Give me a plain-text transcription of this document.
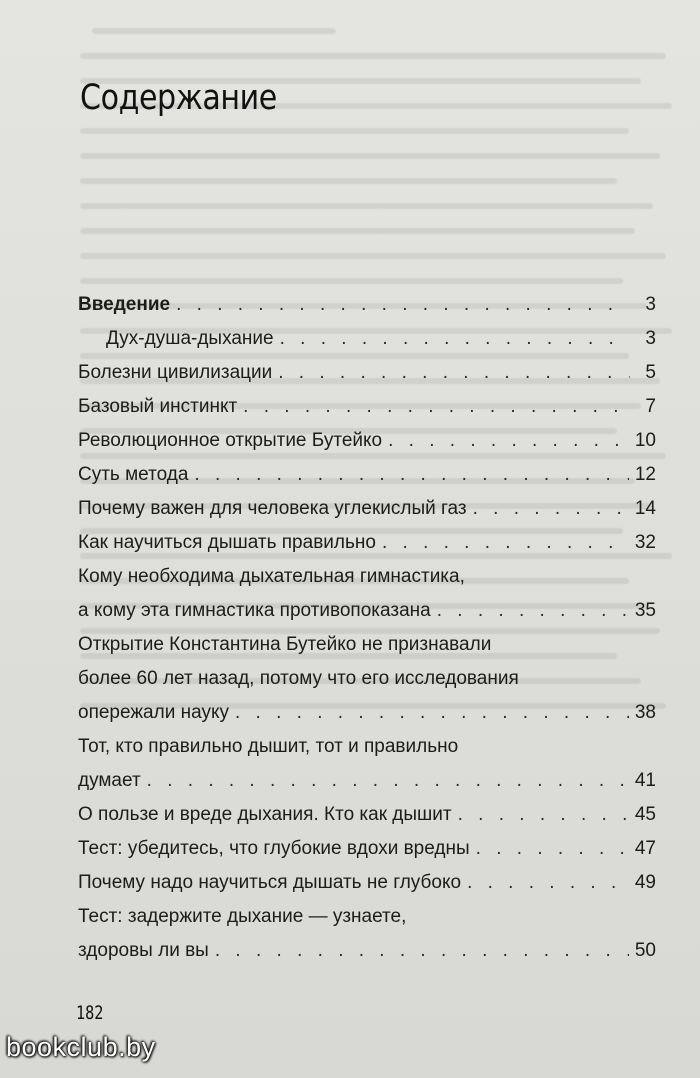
Содержание
Введение . . .	3
Дух-душа-дыхание . . .	3
Болезни цивилизации . . .	5
Базовый инстинкт . . .	7
Революционное открытие Бутейко . . .	10
Суть метода . . .	12
Почему важен для человека углекислый газ . . .	14
Как научиться дышать правильно . . .	32
Кому необходима дыхательная гимнастика,
а кому эта гимнастика противопоказана . . .	35
Открытие Константина Бутейко не признавали
более 60 лет назад, потому что его исследования
опережали науку . . .	38
Тот, кто правильно дышит, тот и правильно
думает . . .	41
О пользе и вреде дыхания. Кто как дышит . . .	45
Тест: убедитесь, что глубокие вдохи вредны . . .	47
Почему надо научиться дышать не глубоко . . .	49
Тест: задержите дыхание — узнаете,
здоровы ли вы . . .	50
182
bookclub.by
